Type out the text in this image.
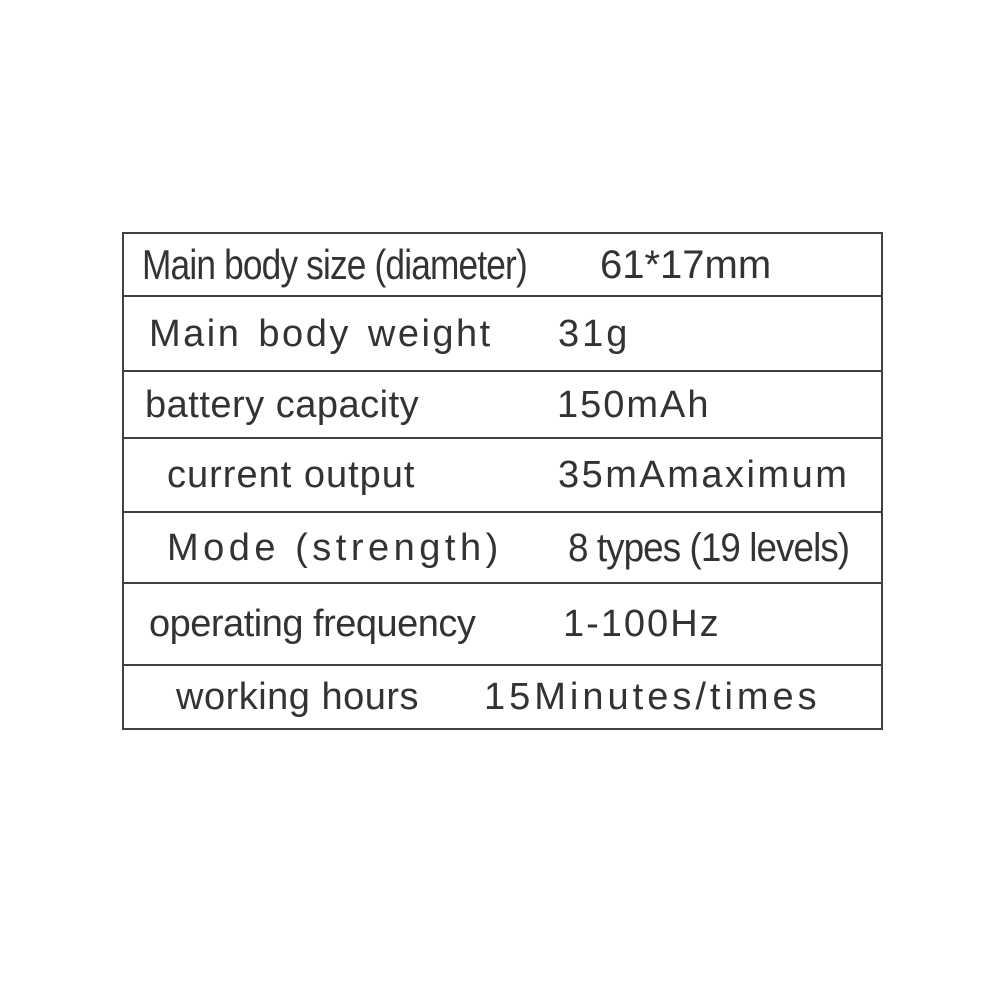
Main body size (diameter) 61*17mm
Main body weight 31g
battery capacity	150mAh
current output	35mAmaximum
Mode (strength) 8 types (19 levels)
operating frequency 1-100Hz
working hours 15Minutes/times
